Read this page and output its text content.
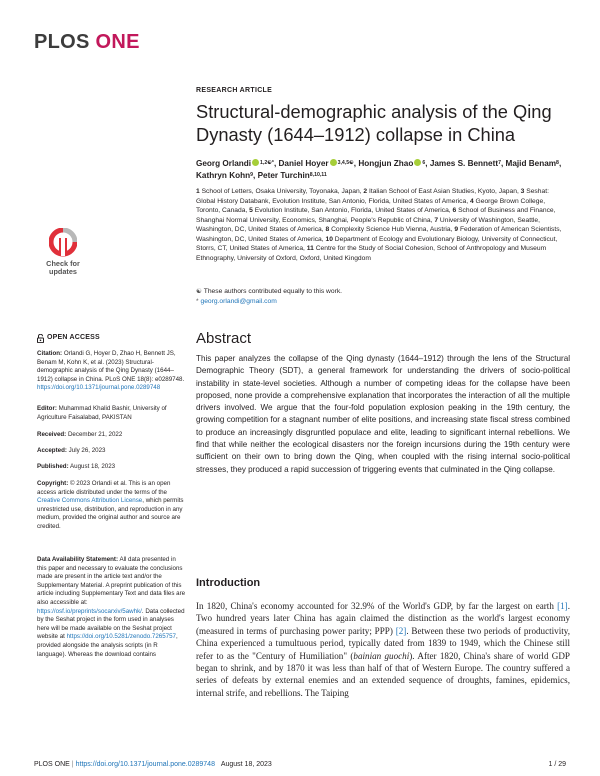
PLOS ONE
RESEARCH ARTICLE
Structural-demographic analysis of the Qing Dynasty (1644–1912) collapse in China
Georg Orlandi $^{1,2☯*}$, Daniel Hoyer $^{3,4,5☯}$, Hongjun Zhao $^6$, James S. Bennett$^7$, Majid Benam$^8$, Kathryn Kohn$^9$, Peter Turchin$^{8,10,11}$
1 School of Letters, Osaka University, Toyonaka, Japan, 2 Italian School of East Asian Studies, Kyoto, Japan, 3 Seshat: Global History Databank, Evolution Institute, San Antonio, Florida, United States of America, 4 George Brown College, Toronto, Canada, 5 Evolution Institute, San Antonio, Florida, United States of America, 6 School of Business and Finance, Shanghai Normal University, Economics, Shanghai, People's Republic of China, 7 University of Washington, Seattle, Washington, DC, United States of America, 8 Complexity Science Hub Vienna, Austria, 9 Federation of American Scientists, Washington, DC, United States of America, 10 Department of Ecology and Evolutionary Biology, University of Connecticut, Storrs, CT, United States of America, 11 Centre for the Study of Social Cohesion, School of Anthropology and Museum Ethnography, University of Oxford, Oxford, United Kingdom
☯ These authors contributed equally to this work.
* georg.orlandi@gmail.com
Abstract

This paper analyzes the collapse of the Qing dynasty (1644–1912) through the lens of the Structural Demographic Theory (SDT), a general framework for understanding the drivers of socio-political instability in state-level societies. Although a number of competing ideas for the collapse have been proposed, none provide a comprehensive explanation that incorporates the interaction of all the multiple drivers involved. We argue that the four-fold population explosion peaking in the 19th century, the growing competition for a stagnant number of elite positions, and increasing state fiscal stress combined to produce an increasingly disgruntled populace and elite, leading to significant internal rebellions. We find that while neither the ecological disasters nor the foreign incursions during the 19th century were sufficient on their own to bring down the Qing, when coupled with the rising internal socio-political stresses, they produced a rapid succession of triggering events that culminated in the Qing collapse.

Introduction

In 1820, China's economy accounted for 32.9% of the World's GDP, by far the largest on earth [1]. Two hundred years later China has again claimed the distinction as the world's largest economy (measured in terms of purchasing power parity; PPP) [2]. Between these two periods of productivity, China experienced a tumultuous period, typically dated from 1839 to 1949, which the Chinese still refer to as the "Century of Humiliation" (bainian guochi). After 1820, China's share of world GDP began to shrink, and by 1870 it was less than half of that of Western Europe. The country suffered a series of defeats by external enemies and an extended sequence of droughts, famines, epidemics, internal strife, and rebellions. The Taiping

Check for
updates
OPEN ACCESS
Citation: Orlandi G, Hoyer D, Zhao H, Bennett JS, Benam M, Kohn K, et al. (2023) Structural-demographic analysis of the Qing Dynasty (1644–1912) collapse in China. PLoS ONE 18(8): e0289748. https://doi.org/10.1371/journal.pone.0289748
Editor: Muhammad Khalid Bashir, University of Agriculture Faisalabad, PAKISTAN
Received: December 21, 2022
Accepted: July 26, 2023
Published: August 18, 2023
Copyright: © 2023 Orlandi et al. This is an open access article distributed under the terms of the Creative Commons Attribution License, which permits unrestricted use, distribution, and reproduction in any medium, provided the original author and source are credited.
Data Availability Statement: All data presented in this paper and necessary to evaluate the conclusions made are present in the article text and/or the Supplementary Material. A preprint publication of this article including Supplementary Text and data files are also accessible at: https://osf.io/preprints/socarxiv/5awhk/. Data collected by the Seshat project in the form used in analyses here will be made available on the Seshat project website at https://doi.org/10.5281/zenodo.7265757, provided alongside the analysis scripts (in R language). Whereas the download contains
PLOS ONE | https://doi.org/10.1371/journal.pone.0289748 August 18, 2023	1 / 29
